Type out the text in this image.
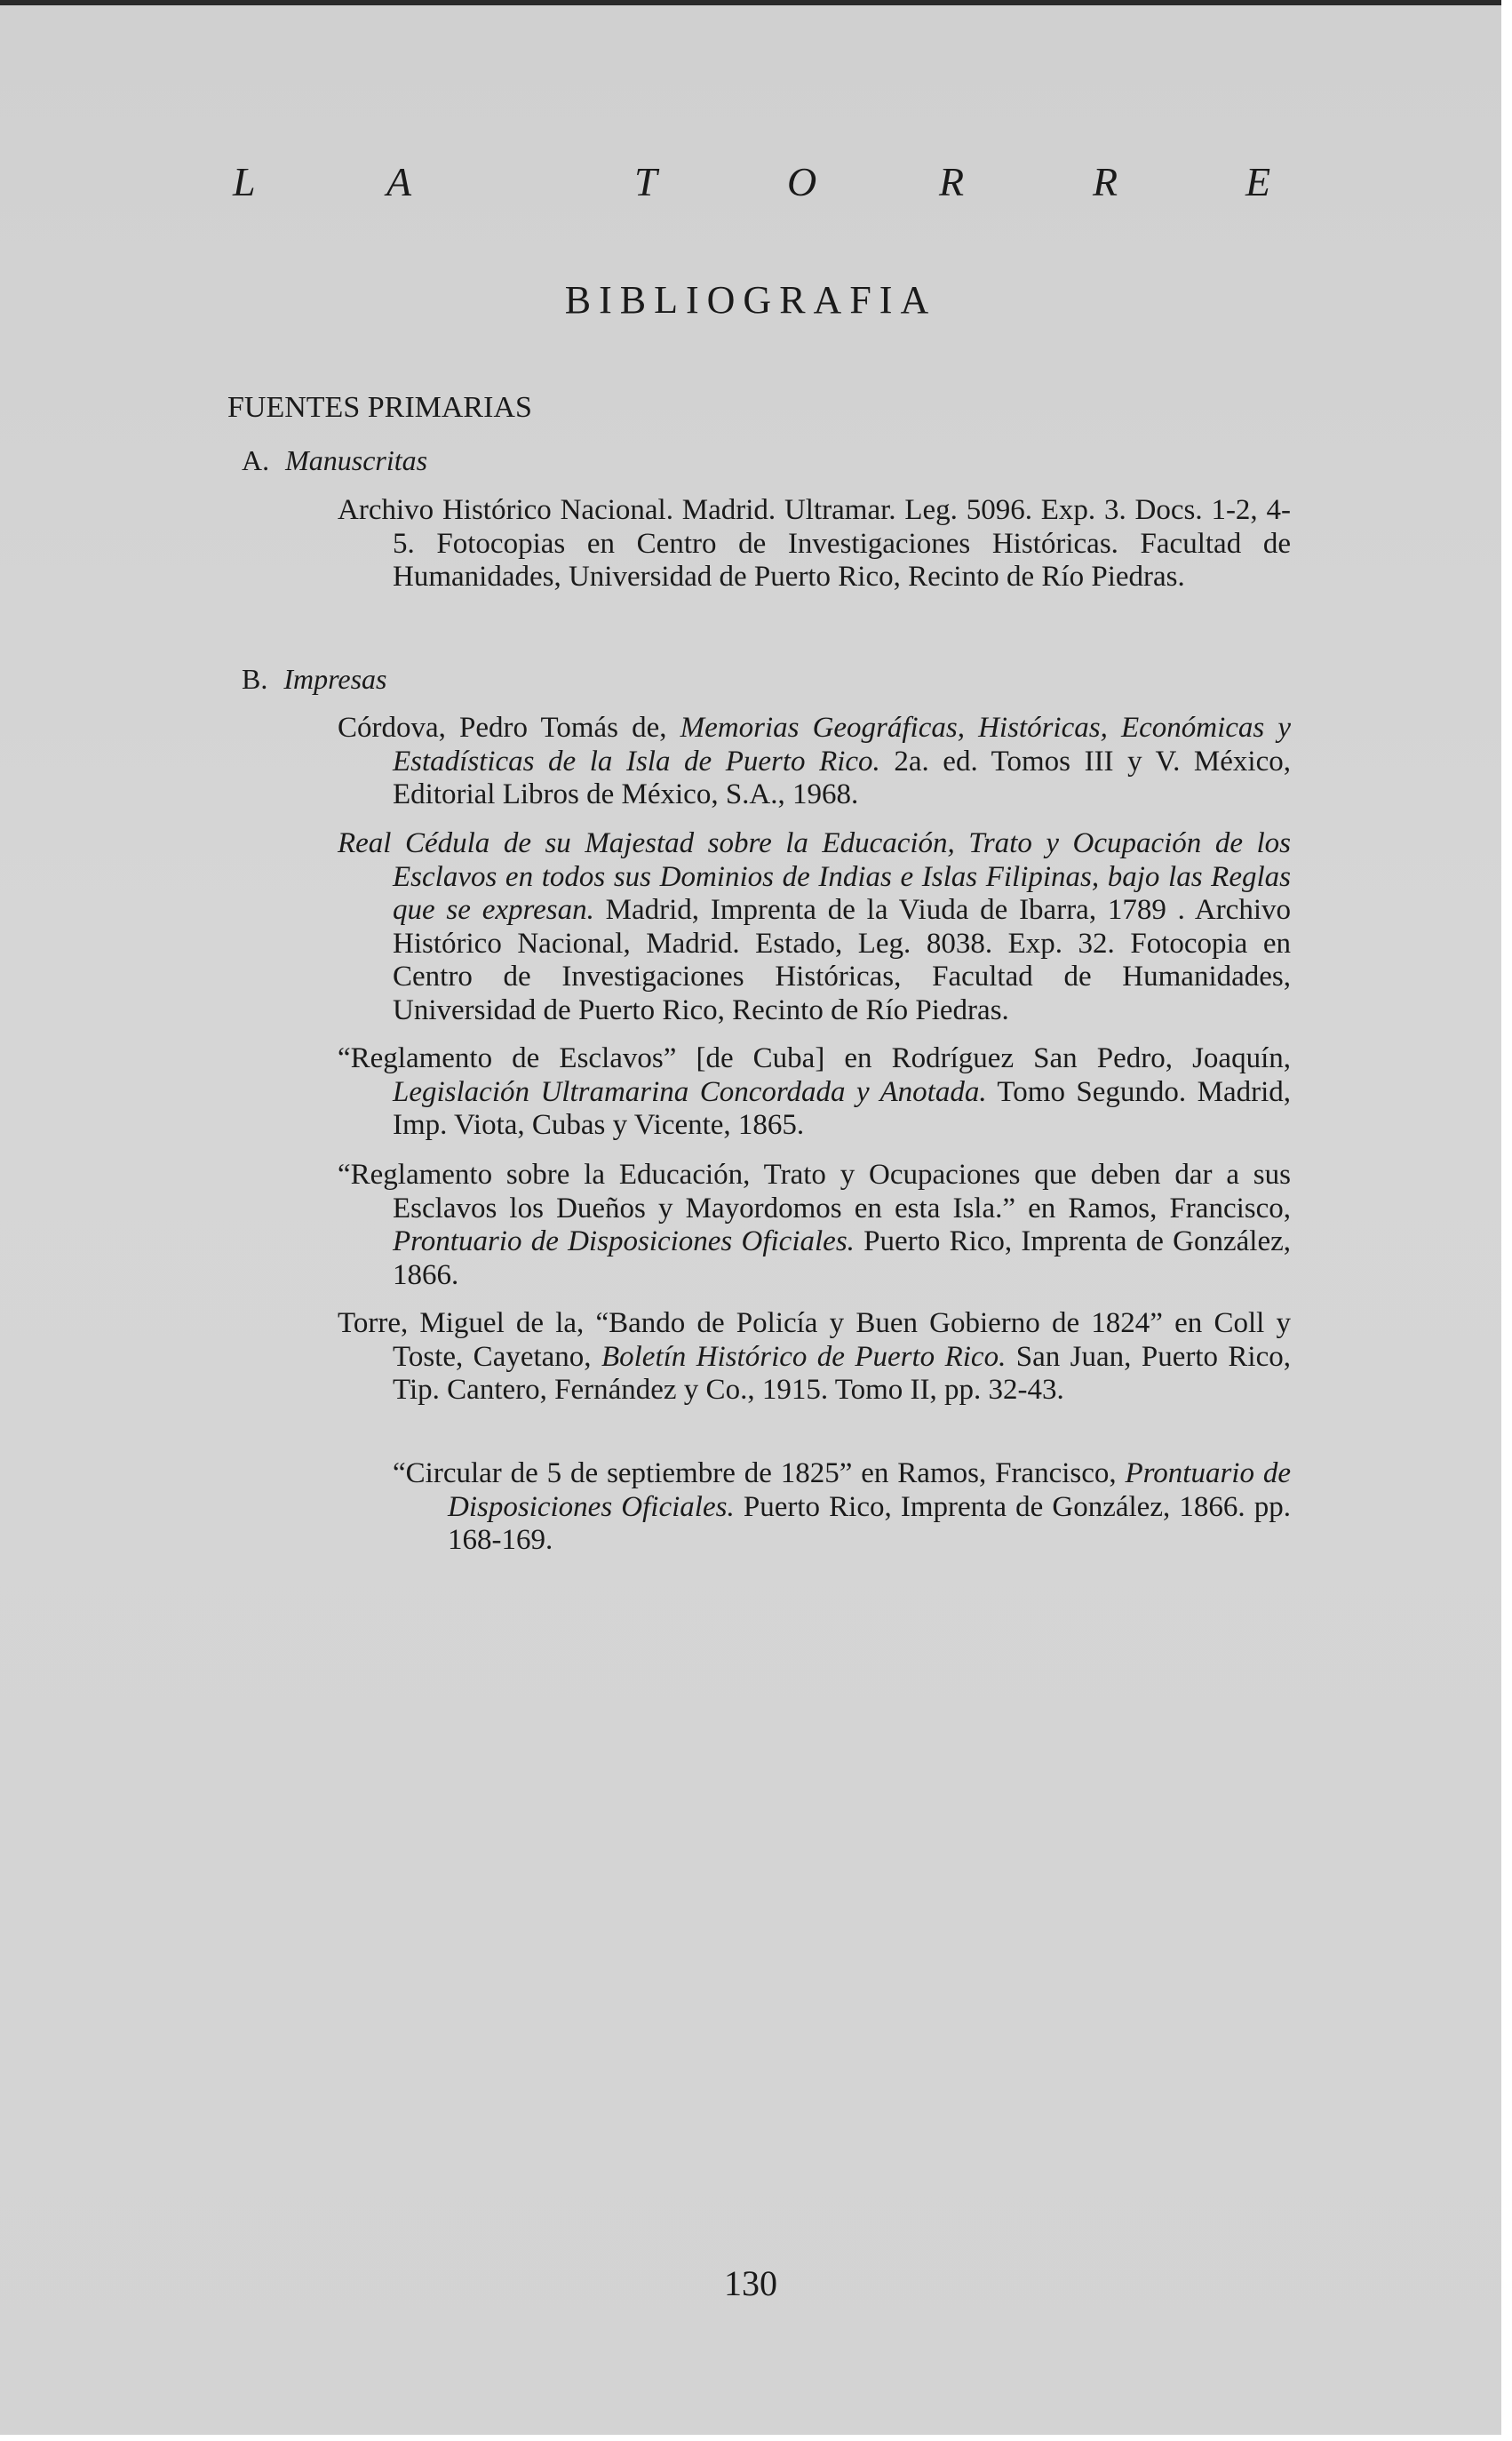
L	A	T	O	R	R	E
BIBLIOGRAFIA
FUENTES PRIMARIAS
A. Manuscritas
Archivo Histórico Nacional. Madrid. Ultramar. Leg. 5096. Exp. 3. Docs. 1-2, 4-5. Fotocopias en Centro de Investigaciones Históricas. Facultad de Humanidades, Universidad de Puerto Rico, Recinto de Río Piedras.
B. Impresas
Córdova, Pedro Tomás de, Memorias Geográficas, Históricas, Económicas y Estadísticas de la Isla de Puerto Rico. 2a. ed. Tomos III y V. México, Editorial Libros de México, S.A., 1968.
Real Cédula de su Majestad sobre la Educación, Trato y Ocupación de los Esclavos en todos sus Dominios de Indias e Islas Filipinas, bajo las Reglas que se expresan. Madrid, Imprenta de la Viuda de Ibarra, 1789 . Archivo Histórico Nacional, Madrid. Estado, Leg. 8038. Exp. 32. Fotocopia en Centro de Investigaciones Históricas, Facultad de Humanidades, Universidad de Puerto Rico, Recinto de Río Piedras.
“Reglamento de Esclavos” [de Cuba] en Rodríguez San Pedro, Joaquín, Legislación Ultramarina Concordada y Anotada. Tomo Segundo. Madrid, Imp. Viota, Cubas y Vicente, 1865.
“Reglamento sobre la Educación, Trato y Ocupaciones que deben dar a sus Esclavos los Dueños y Mayordomos en esta Isla.” en Ramos, Francisco, Prontuario de Disposiciones Oficiales. Puerto Rico, Imprenta de González, 1866.
Torre, Miguel de la, “Bando de Policía y Buen Gobierno de 1824” en Coll y Toste, Cayetano, Boletín Histórico de Puerto Rico. San Juan, Puerto Rico, Tip. Cantero, Fernández y Co., 1915. Tomo II, pp. 32-43.
“Circular de 5 de septiembre de 1825” en Ramos, Francisco, Prontuario de Disposiciones Oficiales. Puerto Rico, Imprenta de González, 1866. pp. 168-169.
130
